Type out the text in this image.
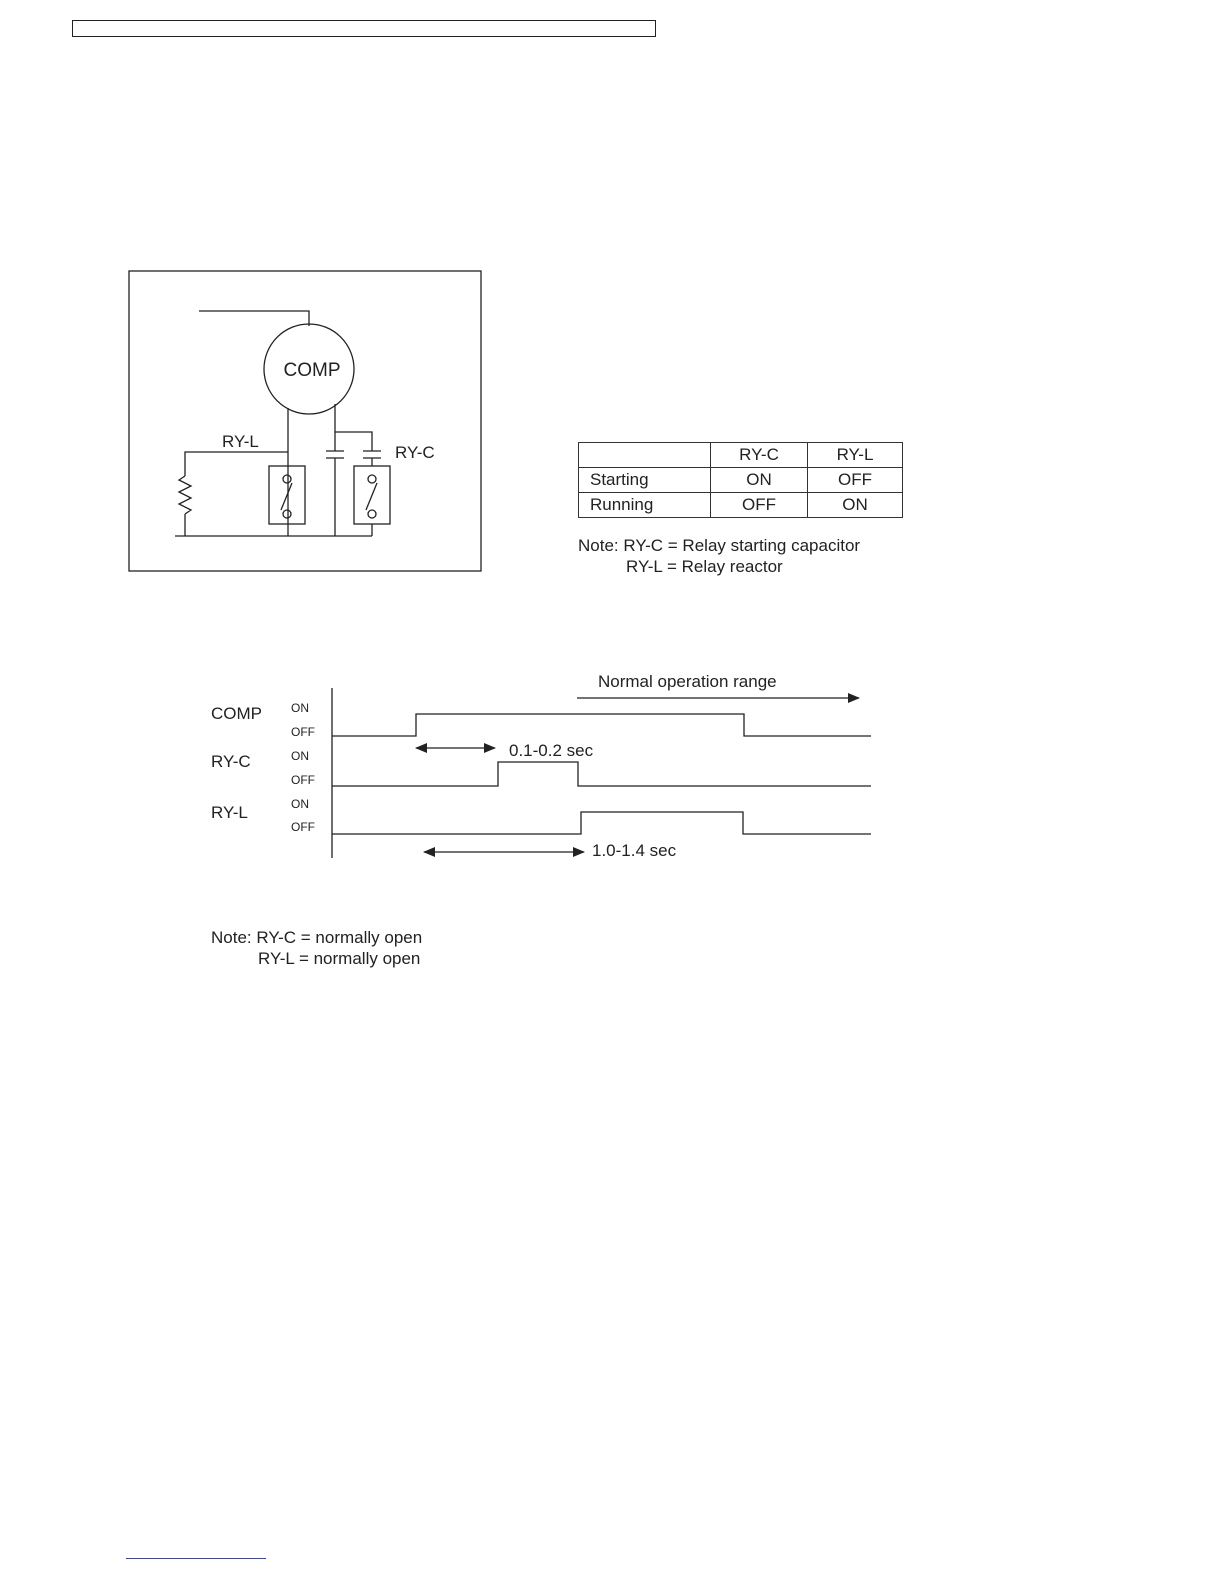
COMP
RY-L
RY-C
COMP ON
OFF
RY-C	ON
OFF
RY-L	ON
OFF
Normal operation range
0.1-0.2 sec
1.0-1.4 sec
	RY-C	RY-L
Starting	ON	OFF
Running	OFF	ON
Note: RY-C = Relay starting capacitor
RY-L = Relay reactor
Note: RY-C = normally open
RY-L = normally open
